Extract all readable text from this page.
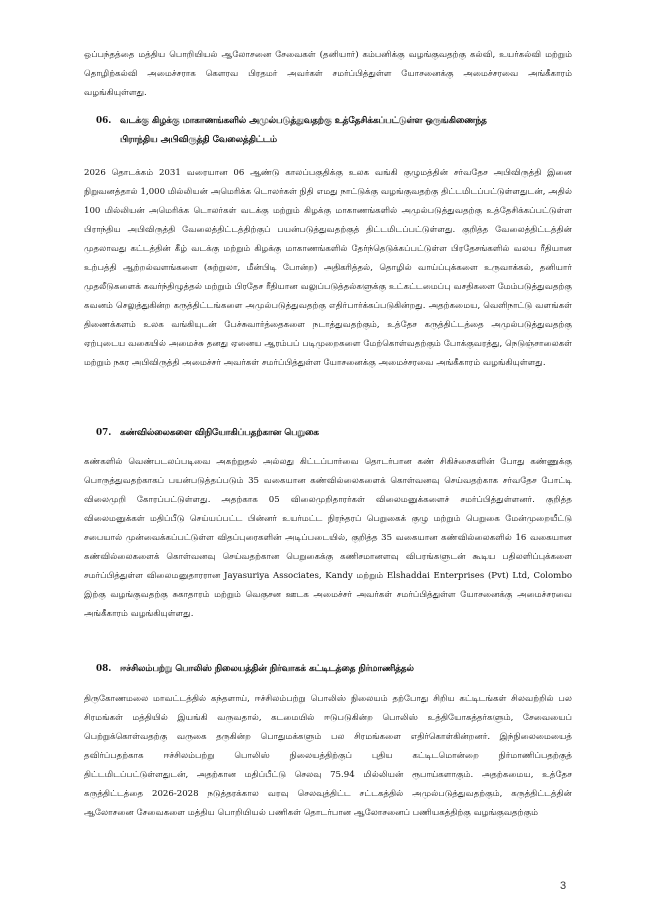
ஒப்பந்தத்தை மத்திய பொறியியல் ஆலோசனை சேவைகள் (தனியார்) கம்பனிக்கு வழங்குவதற்கு கல்வி, உயர்கல்வி மற்றும் தொழிற்கல்வி அமைச்சராக கௌரவ பிரதமர் அவர்கள் சமர்ப்பித்துள்ள யோசனைக்கு அமைச்சரவை அங்கீகாரம் வழங்கியுள்ளது.

06. வடக்கு கிழக்கு மாகாணங்களில் அமுல்படுத்துவதற்கு உத்தேசிக்கப்பட்டுள்ள ஒருங்கிணைந்த
பிராந்திய அபிவிருத்தி வேலைத்திட்டம்

2026 தொடக்கம் 2031 வரையான 06 ஆண்டு காலப்பகுதிக்கு உலக வங்கி குழுமத்தின் சர்வதேச அபிவிருத்தி இனை நிறுவனத்தால் 1,000 மில்லியன் அமெரிக்க டொலர்கள் நிதி எமது நாட்டுக்கு வழங்குவதற்கு திட்டமிடப்பட்டுள்ளதுடன், அதில் 100 மில்லியன் அமெரிக்க டொலர்கள் வடக்கு மற்றும் கிழக்கு மாகாணங்களில் அமுல்படுத்துவதற்கு உத்தேசிக்கப்பட்டுள்ள பிராந்திய அபிவிருத்தி வேலைத்திட்டத்திற்குப் பயன்படுத்துவதற்குத் திட்டமிடப்பட்டுள்ளது. குறித்த வேலைத்திட்டத்தின் முதலாவது கட்டத்தின் கீழ் வடக்கு மற்றும் கிழக்கு மாகாணங்களில் தேர்ந்தெடுக்கப்பட்டுள்ள பிரதேசங்களில் வலய ரீதியான உற்பத்தி ஆற்றல்வளங்களை (சுற்றுலா, மீன்பிடி போன்ற) அதிகரித்தல், தொழில் வாய்ப்புக்களை உருவாக்கல், தனியார் முதலீடுகளைக் கவர்ந்திழுத்தல் மற்றும் பிரதேச ரீதியான வலுப்படுத்தல்களுக்கு உட்கட்டமைப்பு வசதிகளை மேம்படுத்துவதற்கு கவனம் செலுத்துகின்ற கருத்திட்டங்களை அமுல்படுத்துவதற்கு எதிர்பார்க்கப்படுகின்றது. அதற்கமைய, வெளிநாட்டு வளங்கள் திணைக்களம் உலக வங்கியுடன் பேச்சுவார்த்தைகளை நடாத்துவதற்கும், உத்தேச கருத்திட்டத்தை அமுல்படுத்துவதற்கு ஏற்புடைய வகையில் அமைச்சு தனது ஏனைய ஆரம்பப் படிமுறைகளை மேற்கொள்வதற்கும் போக்குவரத்து, நெடுஞ்சாலைகள் மற்றும் நகர அபிவிருத்தி அமைச்சர் அவர்கள் சமர்ப்பித்துள்ள யோசனைக்கு அமைச்சரவை அங்கீகாரம் வழங்கியுள்ளது.

07. கண்வில்லைகளை விநியோகிப்பதற்கான பெறுகை

கண்களில் வெண்படலப்படிவை அகற்றுதல் அல்லது கிட்டப்பார்வை தொடர்பான கண் சிகிச்சைகளின் போது கண்ணுக்கு பொருத்துவதற்காகப் பயன்படுத்தப்படும் 35 வகையான கண்வில்லைகளைக் கொள்வனவு செய்வதற்காக சர்வதேச போட்டி விலைமுறி கோரப்பட்டுள்ளது. அதற்காக 05 விலைமுறிதாரர்கள் விலைமனுக்களைச் சமர்ப்பித்துள்ளனர். குறித்த விலைமனுக்கள் மதிப்பீடு செய்யப்பட்ட பின்னர் உயர்மட்ட நிரந்தரப் பெறுகைக் குழு மற்றும் பெறுகை மேன்முறையீட்டு சபையால் முன்வைக்கப்பட்டுள்ள விதப்புரைகளின் அடிப்படையில், குறித்த 35 வகையான கண்வில்லைகளில் 16 வகையான கண்வில்லைகளைக் கொள்வனவு செய்வதற்கான பெறுகைக்கு கணிசமானளவு விபரங்களுடன் கூடிய பதிலளிப்புக்களை சமர்ப்பித்துள்ள விலைமனுதாரரான Jayasuriya Associates, Kandy மற்றும் Elshaddai Enterprises (Pvt) Ltd, Colombo இற்கு வழங்குவதற்கு சுகாதாரம் மற்றும் வெகுசன ஊடக அமைச்சர் அவர்கள் சமர்ப்பித்துள்ள யோசனைக்கு அமைச்சரவை அங்கீகாரம் வழங்கியுள்ளது.

08. ஈச்சிலம்பற்று பொலிஸ் நிலையத்தின் நிர்வாகக் கட்டிடத்தை நிர்மாணித்தல்

திருகோணமலை மாவட்டத்தில் கந்தளாய், ஈச்சிலம்பற்று பொலிஸ் நிலையம் தற்போது சிறிய கட்டிடங்கள் சிலவற்றில் பல சிரமங்கள் மத்தியில் இயங்கி வருவதால், கடமையில் ஈடுபடுகின்ற பொலிஸ் உத்தியோகத்தர்களும், சேவையைப் பெற்றுக்கொள்வதற்கு வருகை தருகின்ற பொதுமக்களும் பல சிரமங்களை எதிர்கொள்கின்றனர். இந்நிலைமையைத் தவிர்ப்பதற்காக ஈச்சிலம்பற்று பொலிஸ் நிலையத்திற்குப் புதிய கட்டிடமொன்றை நிர்மாணிப்பதற்குத் திட்டமிடப்பட்டுள்ளதுடன், அதற்கான மதிப்பீட்டு செலவு 75.94 மில்லியன் ரூபாய்களாகும். அதற்கமைய, உத்தேச கருத்திட்டத்தை 2026-2028 நடுத்தரக்கால வரவு செலவுத்திட்ட சட்டகத்தில் அமுல்படுத்துவதற்கும், கருத்திட்டத்தின் ஆலோசனை சேவைகளை மத்திய பொறியியல் பணிகள் தொடர்பான ஆலோசனைப் பணியகத்திற்கு வழங்குவதற்கும்

3
